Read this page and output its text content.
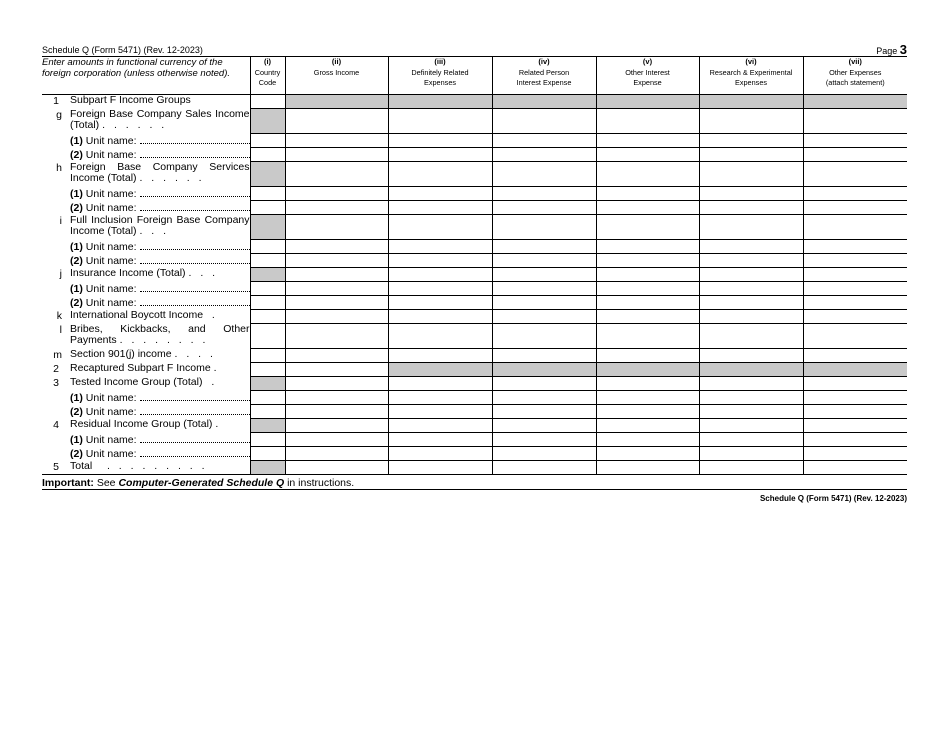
Schedule Q (Form 5471) (Rev. 12-2023)	Page 3
Enter amounts in functional currency of the foreign corporation (unless otherwise noted).		(i)
Country
Code	(ii)
Gross Income	(iii)
Definitely Related
Expenses	(iv)
Related Person
Interest Expense	(v)
Other Interest
Expense	(vi)
Research & Experimental
Expenses	(vii)
Other Expenses
(attach statement)

1	Subpart F Income Groups							
g	Foreign Base Company Sales Income (Total) . . . . . .							

	(1)
Unit name:							

	(2)
Unit name:							

h	Foreign Base Company Services Income (Total) . . . . . .							

	(1)
Unit name:							

	(2)
Unit name:							

i	Full Inclusion Foreign Base Company Income (Total) . . .							

	(1)
Unit name:							

	(2)
Unit name:							

j	Insurance Income (Total) . . .							

	(1)
Unit name:							

	(2)
Unit name:							

k	International Boycott Income  .							
l	Bribes, Kickbacks, and Other Payments . . . . . . . .							
m	Section 901(j) income . . . .							
2	Recaptured Subpart F Income .							
3	Tested Income Group (Total)  .							

	(1)
Unit name:							

	(2)
Unit name:							

4	Residual Income Group (Total) .							

	(1)
Unit name:							

	(2)
Unit name:							

5	Total   . . . . . . . . .							
Important: See Computer-Generated Schedule Q in instructions.
Schedule Q (Form 5471) (Rev. 12-2023)
